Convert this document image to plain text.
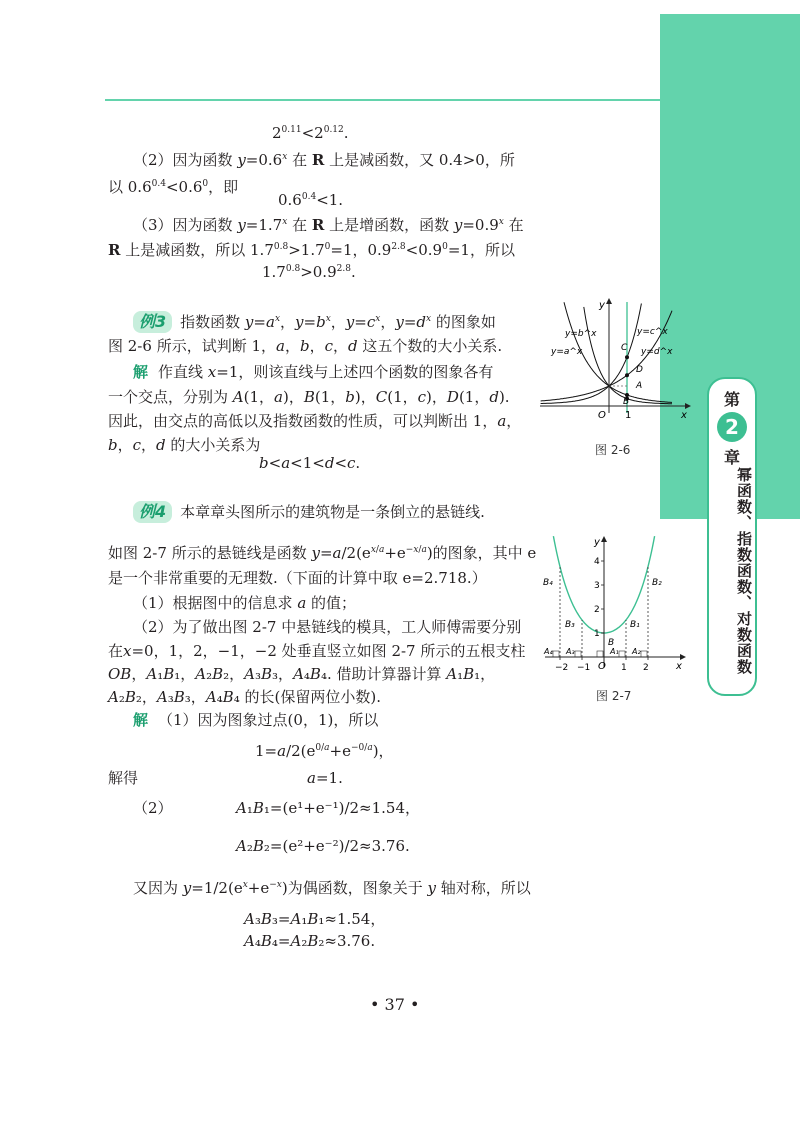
第
2
章
幂函数、指数函数、对数函数
$2^{0.11}<2^{0.12}$.
（2）因为函数 $y=0.6^x$ 在 R 上是减函数，又 0.4>0，所
以 $0.6^{0.4}<0.6^0$，即
$0.6^{0.4}<1$.
（3）因为函数 $y=1.7^x$ 在 R 上是增函数，函数 $y=0.9^x$ 在
R 上是减函数，所以 $1.7^{0.8}>1.7^0=1$，$0.9^{2.8}<0.9^0=1$，所以
$1.7^{0.8}>0.9^{2.8}$.
例3 指数函数 $y=a^x$，$y=b^x$，$y=c^x$，$y=d^x$ 的图象如
图 2-6 所示，试判断 1，a，b，c，d 这五个数的大小关系.
解 作直线 x=1，则该直线与上述四个函数的图象各有
一个交点，分别为 A(1，a)，B(1，b)，C(1，c)，D(1，d).
因此，由交点的高低以及指数函数的性质，可以判断出 1，a，
b，c，d 的大小关系为
b<a<1<d<c.
例4 本章章头图所示的建筑物是一条倒立的悬链线.
如图 2-7 所示的悬链线是函数 $y=a/2(e^{x/a}+e^{-x/a})$的图象，其中 e
是一个非常重要的无理数.（下面的计算中取 e=2.718.）
（1）根据图中的信息求 a 的值；
（2）为了做出图 2-7 中悬链线的模具，工人师傅需要分别
在x=0，1，2，−1，−2 处垂直竖立如图 2-7 所示的五根支柱
OB，A₁B₁，A₂B₂，A₃B₃，A₄B₄. 借助计算器计算 A₁B₁，
A₂B₂，A₃B₃，A₄B₄ 的长(保留两位小数).
解 （1）因为图象过点(0，1)，所以
$1=a/2(e^{0/a}+e^{-0/a})$，
解得	a=1.
（2）	A₁B₁=(e¹+e⁻¹)/2≈1.54，
A₂B₂=(e²+e⁻²)/2≈3.76.
又因为 $y=1/2(e^x+e^{-x})$为偶函数，图象关于 y 轴对称，所以
A₃B₃=A₁B₁≈1.54，
A₄B₄=A₂B₂≈3.76.
x
y
O 1
y=b^x
y=a^x
y=c^x
y=d^x
C
D
A
B
图 2-6
1
2
3
4
−2 −1	1 2
B₄
B₃	B₁
B₂
A₄ A₃	A₁ A₂
x
y
O
B
图 2-7
• 37 •
